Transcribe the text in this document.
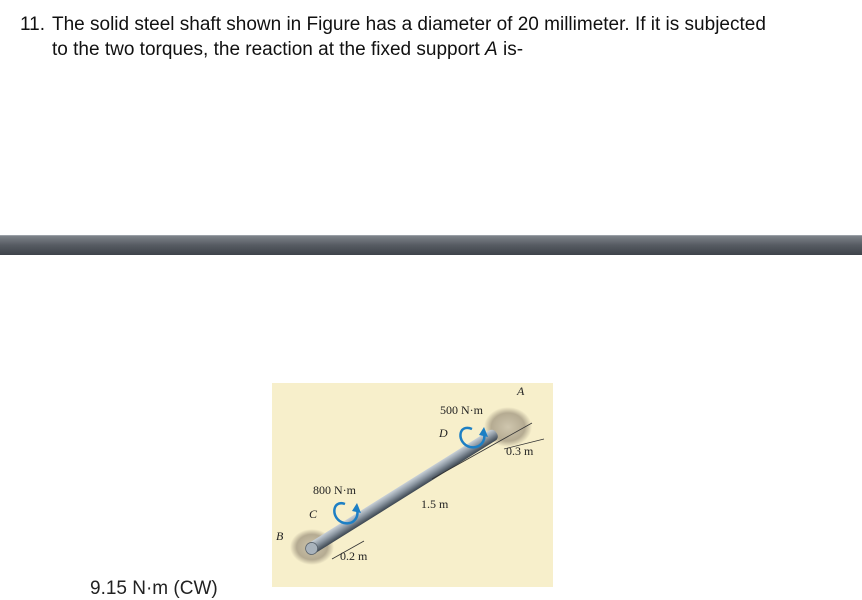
11. The solid steel shaft shown in Figure has a diameter of 20 millimeter. If it is subjected
to the two torques, the reaction at the fixed support A is-
500 N·m
D
A
0.3 m
800 N·m
C
1.5 m
B
0.2 m
9.15 N·m (CW)
